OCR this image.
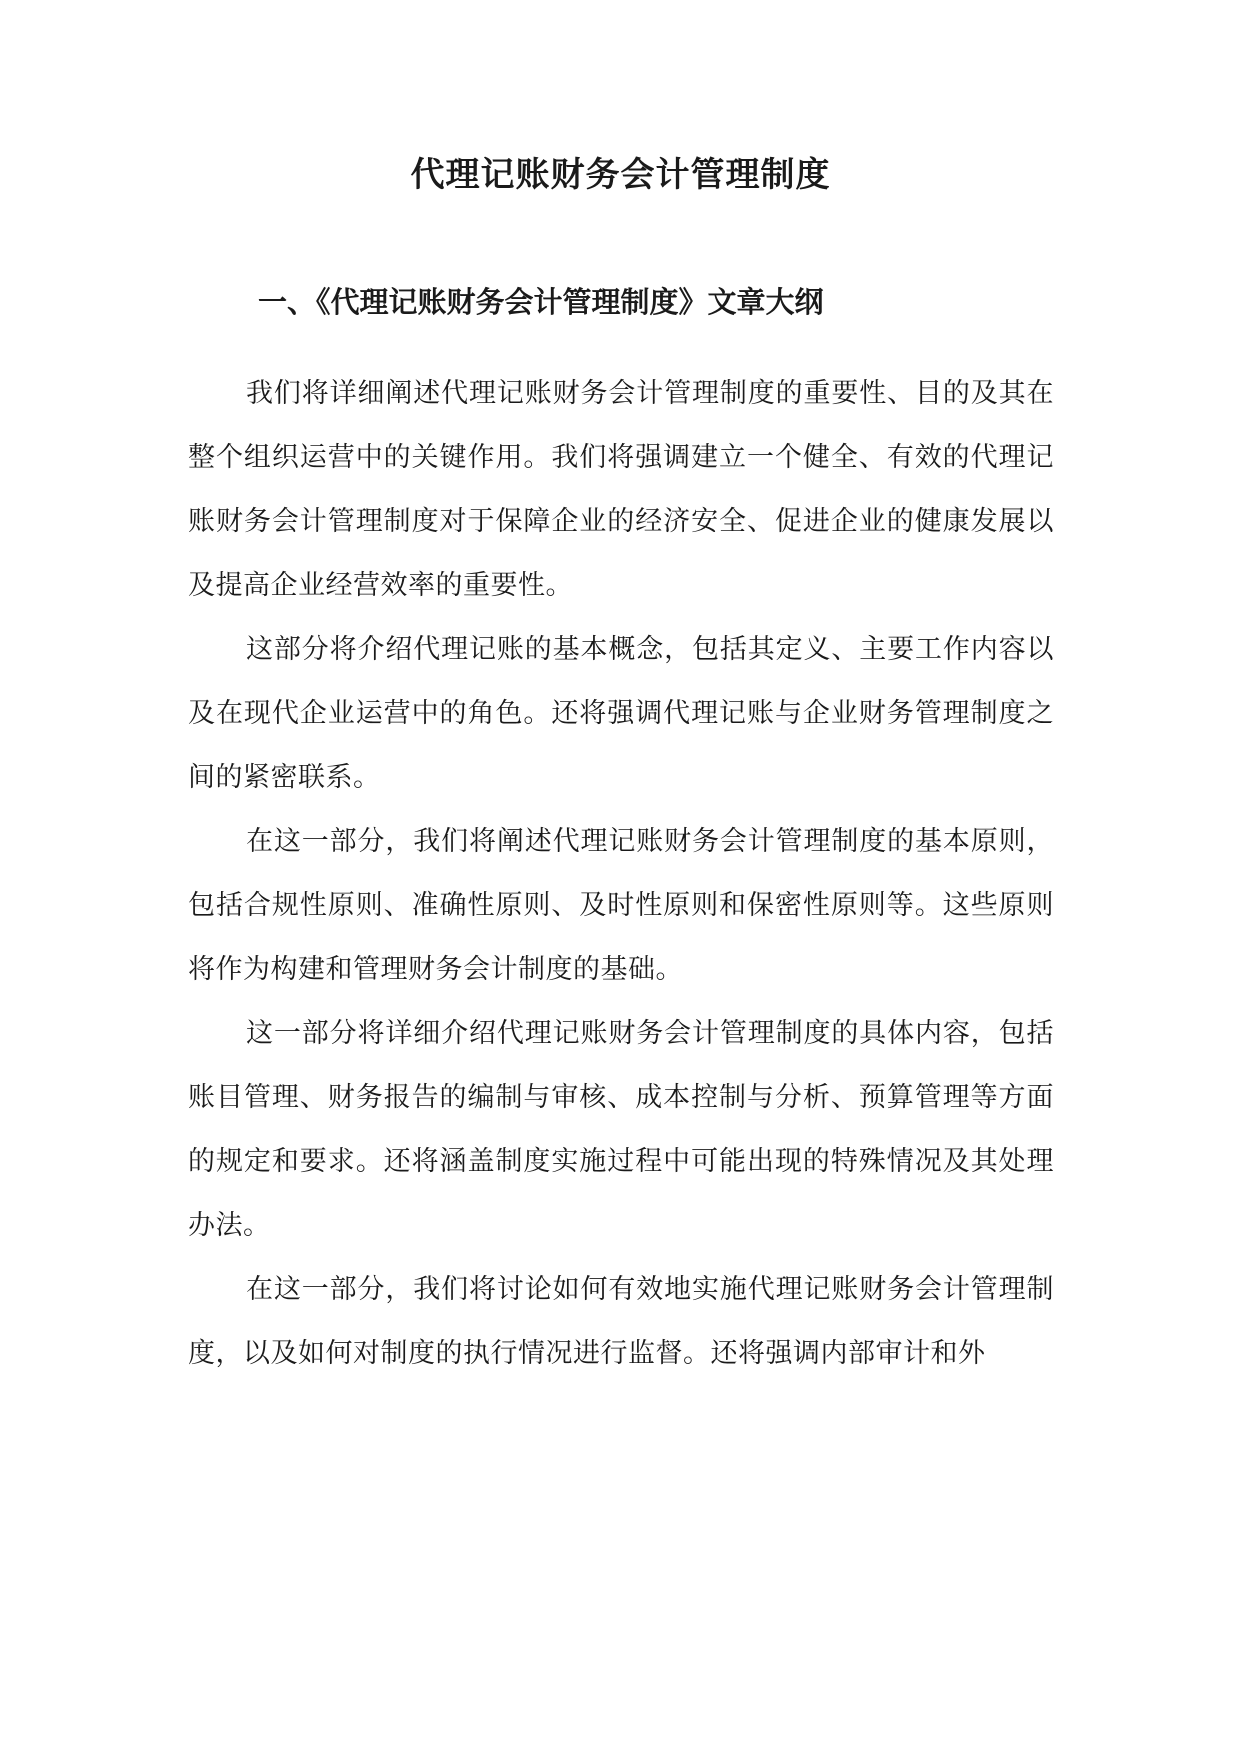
代理记账财务会计管理制度
一、《代理记账财务会计管理制度》文章大纲

我们将详细阐述代理记账财务会计管理制度的重要性、目的及其在整个组织运营中的关键作用。我们将强调建立一个健全、有效的代理记账财务会计管理制度对于保障企业的经济安全、促进企业的健康发展以及提高企业经营效率的重要性。

这部分将介绍代理记账的基本概念，包括其定义、主要工作内容以及在现代企业运营中的角色。还将强调代理记账与企业财务管理制度之间的紧密联系。

在这一部分，我们将阐述代理记账财务会计管理制度的基本原则，包括合规性原则、准确性原则、及时性原则和保密性原则等。这些原则将作为构建和管理财务会计制度的基础。

这一部分将详细介绍代理记账财务会计管理制度的具体内容，包括账目管理、财务报告的编制与审核、成本控制与分析、预算管理等方面的规定和要求。还将涵盖制度实施过程中可能出现的特殊情况及其处理办法。

在这一部分，我们将讨论如何有效地实施代理记账财务会计管理制度，以及如何对制度的执行情况进行监督。还将强调内部审计和外
